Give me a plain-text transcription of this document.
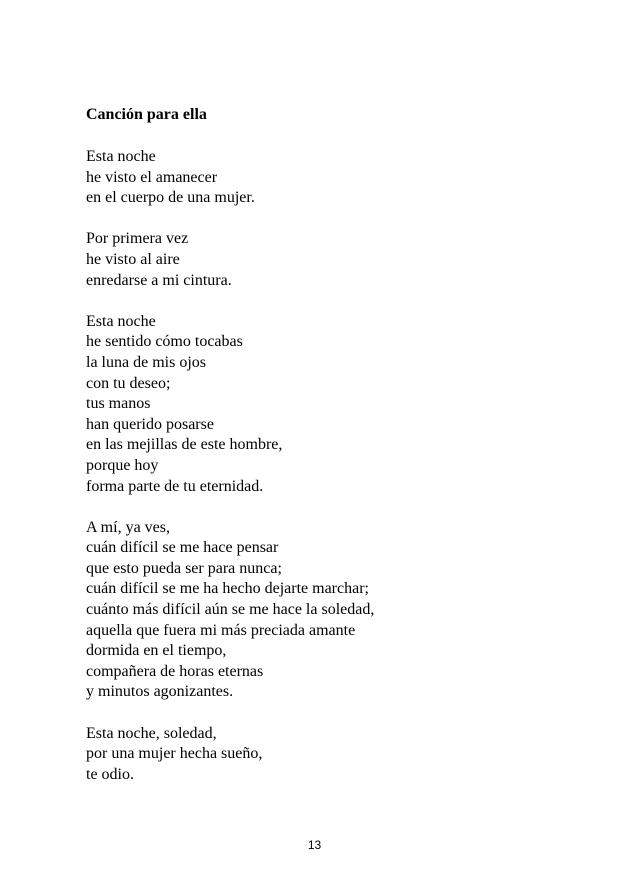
Canción para ella
Esta noche
he visto el amanecer
en el cuerpo de una mujer.
Por primera vez
he visto al aire
enredarse a mi cintura.
Esta noche
he sentido cómo tocabas
la luna de mis ojos
con tu deseo;
tus manos
han querido posarse
en las mejillas de este hombre,
porque hoy
forma parte de tu eternidad.
A mí, ya ves,
cuán difícil se me hace pensar
que esto pueda ser para nunca;
cuán difícil se me ha hecho dejarte marchar;
cuánto más difícil aún se me hace la soledad,
aquella que fuera mi más preciada amante
dormida en el tiempo,
compañera de horas eternas
y minutos agonizantes.
Esta noche, soledad,
por una mujer hecha sueño,
te odio.
13
